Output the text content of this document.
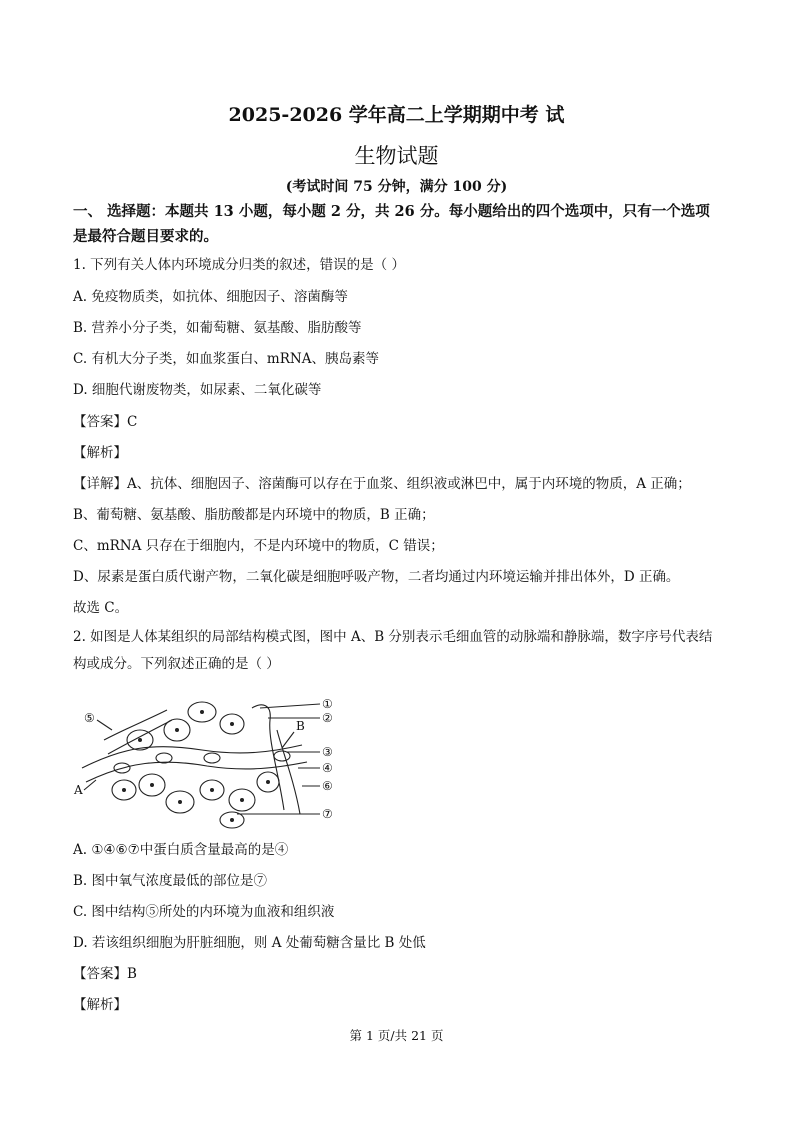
2025-2026 学年高二上学期期中考 试
生物试题
(考试时间 75 分钟，满分 100 分)
一、 选择题：本题共 13 小题，每小题 2 分，共 26 分。每小题给出的四个选项中，只有一个选项是最符合题目要求的。
1. 下列有关人体内环境成分归类的叙述，错误的是（ ）
A. 免疫物质类，如抗体、细胞因子、溶菌酶等
B. 营养小分子类，如葡萄糖、氨基酸、脂肪酸等
C. 有机大分子类，如血浆蛋白、mRNA、胰岛素等
D. 细胞代谢废物类，如尿素、二氧化碳等
【答案】C
【解析】
【详解】A、抗体、细胞因子、溶菌酶可以存在于血浆、组织液或淋巴中，属于内环境的物质，A 正确；
B、葡萄糖、氨基酸、脂肪酸都是内环境中的物质，B 正确；
C、mRNA 只存在于细胞内，不是内环境中的物质，C 错误；
D、尿素是蛋白质代谢产物，二氧化碳是细胞呼吸产物，二者均通过内环境运输并排出体外，D 正确。
故选 C。
2. 如图是人体某组织的局部结构模式图，图中 A、B 分别表示毛细血管的动脉端和静脉端，数字序号代表结构或成分。下列叙述正确的是（ ）
①
②
③
④
⑥
⑦
⑤
A
B
A. ①④⑥⑦中蛋白质含量最高的是④
B. 图中氧气浓度最低的部位是⑦
C. 图中结构⑤所处的内环境为血液和组织液
D. 若该组织细胞为肝脏细胞，则 A 处葡萄糖含量比 B 处低
【答案】B
【解析】
第 1 页/共 21 页
